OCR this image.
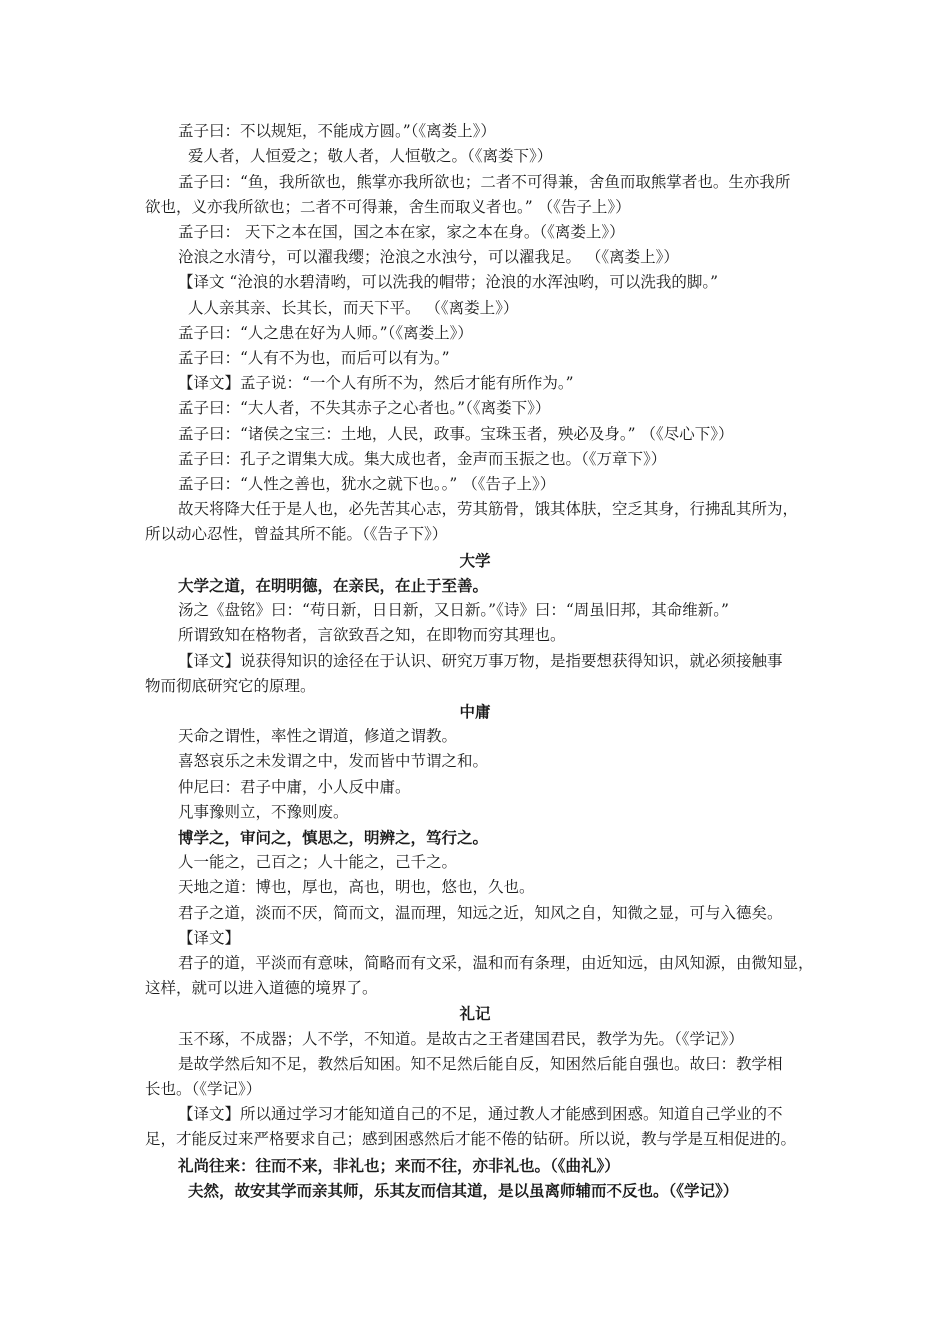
孟子曰：不以规矩，不能成方圆。”（《离娄上》）
爱人者，人恒爱之；敬人者，人恒敬之。（《离娄下》）
孟子曰：“鱼，我所欲也，熊掌亦我所欲也；二者不可得兼，舍鱼而取熊掌者也。生亦我所
欲也，义亦我所欲也；二者不可得兼，舍生而取义者也。” （《告子上》）
孟子曰： 天下之本在国，国之本在家，家之本在身。（《离娄上》）
沧浪之水清兮，可以濯我缨；沧浪之水浊兮，可以濯我足。 （《离娄上》）
【译文 “沧浪的水碧清哟，可以洗我的帽带；沧浪的水浑浊哟，可以洗我的脚。”
人人亲其亲、长其长，而天下平。 （《离娄上》）
孟子曰：“人之患在好为人师。”（《离娄上》）
孟子曰：“人有不为也，而后可以有为。”
【译文】孟子说：“一个人有所不为，然后才能有所作为。”
孟子曰：“大人者，不失其赤子之心者也。”（《离娄下》）
孟子曰：“诸侯之宝三：土地，人民，政事。宝珠玉者，殃必及身。” （《尽心下》）
孟子曰：孔子之谓集大成。集大成也者，金声而玉振之也。（《万章下》）
孟子曰：“人性之善也，犹水之就下也。。” （《告子上》）
故天将降大任于是人也，必先苦其心志，劳其筋骨，饿其体肤，空乏其身，行拂乱其所为，
所以动心忍性，曾益其所不能。（《告子下》）
大学
大学之道，在明明德，在亲民，在止于至善。
汤之《盘铭》曰：“苟日新，日日新，又日新。”《诗》曰：“周虽旧邦，其命维新。”
所谓致知在格物者，言欲致吾之知，在即物而穷其理也。
【译文】说获得知识的途径在于认识、研究万事万物，是指要想获得知识，就必须接触事
物而彻底研究它的原理。
中庸
天命之谓性，率性之谓道，修道之谓教。
喜怒哀乐之未发谓之中，发而皆中节谓之和。
仲尼曰：君子中庸，小人反中庸。
凡事豫则立，不豫则废。
博学之，审问之，慎思之，明辨之，笃行之。
人一能之，己百之；人十能之，己千之。
天地之道：博也，厚也，高也，明也，悠也，久也。
君子之道，淡而不厌，简而文，温而理，知远之近，知风之自，知微之显，可与入德矣。
【译文】
君子的道，平淡而有意味，简略而有文采，温和而有条理，由近知远，由风知源，由微知显，
这样，就可以进入道德的境界了。
礼记
玉不琢，不成器；人不学，不知道。是故古之王者建国君民，教学为先。（《学记》）
是故学然后知不足，教然后知困。知不足然后能自反，知困然后能自强也。故曰：教学相
长也。（《学记》）
【译文】所以通过学习才能知道自己的不足，通过教人才能感到困惑。知道自己学业的不
足，才能反过来严格要求自己；感到困惑然后才能不倦的钻研。所以说，教与学是互相促进的。
礼尚往来：往而不来，非礼也；来而不往，亦非礼也。（《曲礼》）
夫然，故安其学而亲其师，乐其友而信其道，是以虽离师辅而不反也。（《学记》）
